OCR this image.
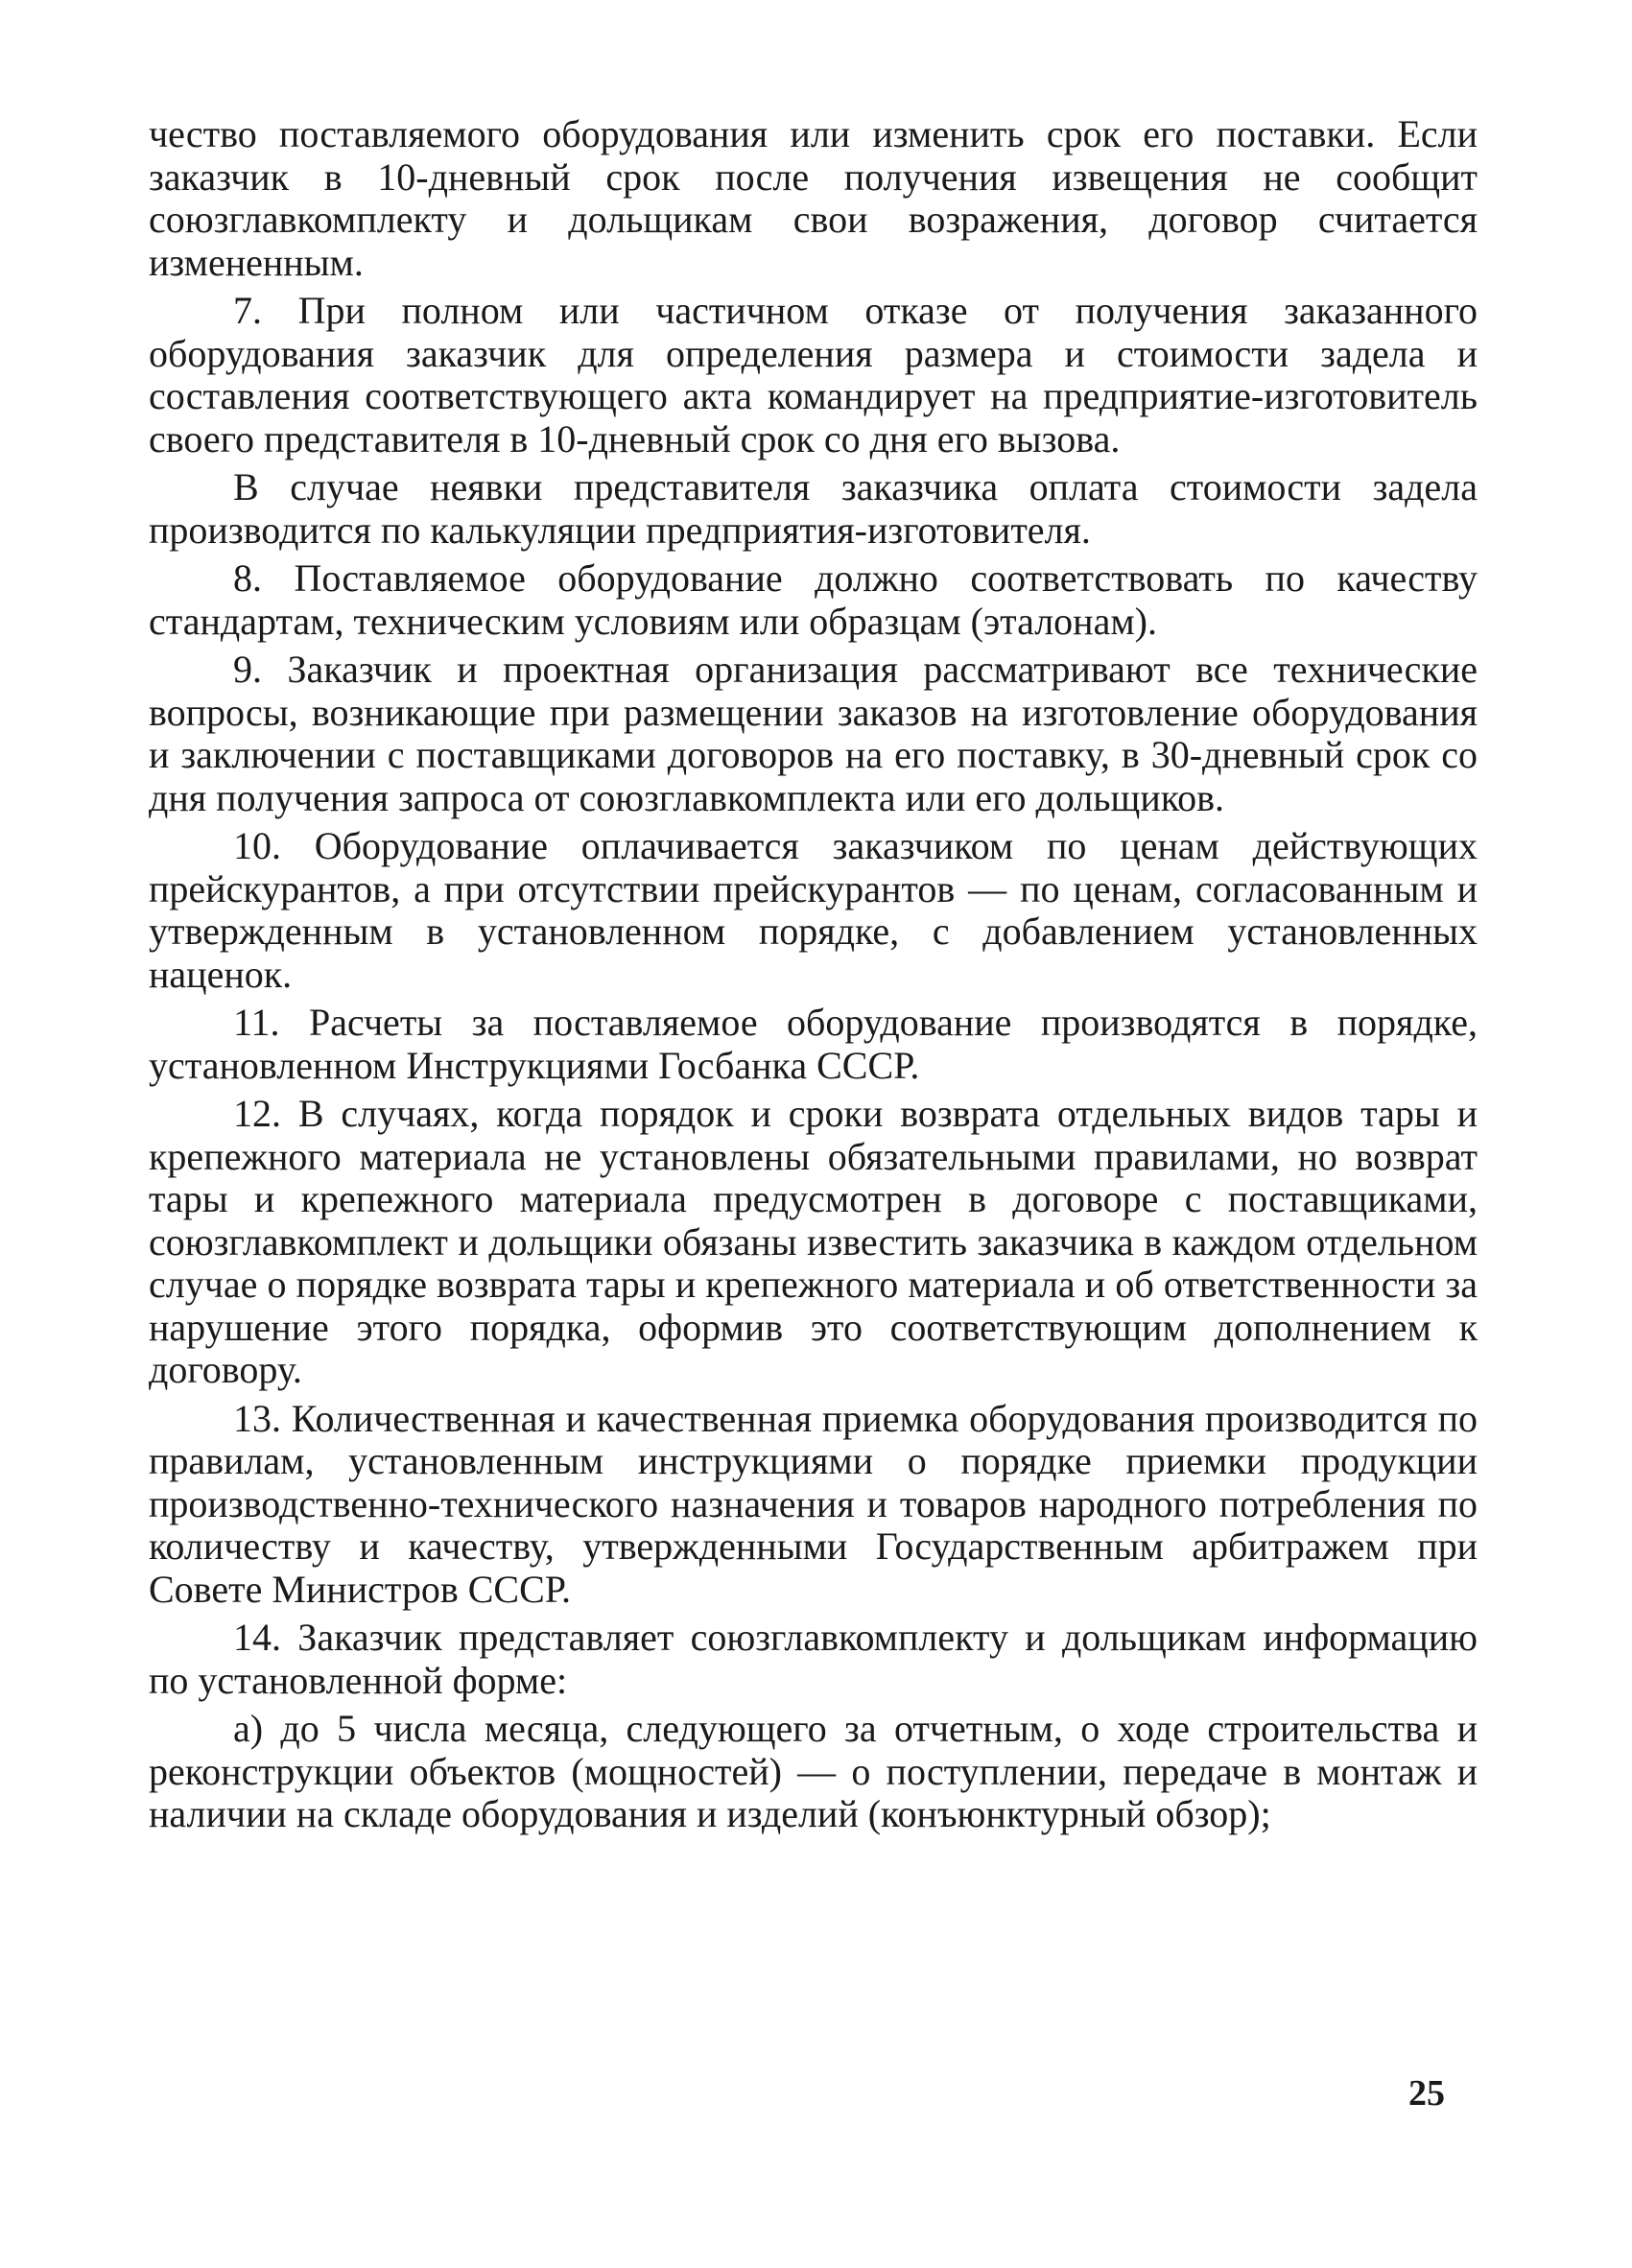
чество поставляемого оборудования или изменить срок его поставки. Если заказчик в 10-дневный срок после получения извещения не сообщит союзглавкомплекту и дольщикам свои возражения, договор считается измененным.

7. При полном или частичном отказе от получения заказанного оборудования заказчик для определения размера и стоимости задела и составления соответствующего акта командирует на предприятие-изготовитель своего представителя в 10-дневный срок со дня его вызова.

В случае неявки представителя заказчика оплата стоимости задела производится по калькуляции предприятия-изготовителя.

8. Поставляемое оборудование должно соответствовать по качеству стандартам, техническим условиям или образцам (эталонам).

9. Заказчик и проектная организация рассматривают все технические вопросы, возникающие при размещении заказов на изготовление оборудования и заключении с поставщиками договоров на его поставку, в 30-дневный срок со дня получения запроса от союзглавкомплекта или его дольщиков.

10. Оборудование оплачивается заказчиком по ценам действующих прейскурантов, а при отсутствии прейскурантов — по ценам, согласованным и утвержденным в установленном порядке, с добавлением установленных наценок.

11. Расчеты за поставляемое оборудование производятся в порядке, установленном Инструкциями Госбанка СССР.

12. В случаях, когда порядок и сроки возврата отдельных видов тары и крепежного материала не установлены обязательными правилами, но возврат тары и крепежного материала предусмотрен в договоре с поставщиками, союзглавкомплект и дольщики обязаны известить заказчика в каждом отдельном случае о порядке возврата тары и крепежного материала и об ответственности за нарушение этого порядка, оформив это соответствующим дополнением к договору.

13. Количественная и качественная приемка оборудования производится по правилам, установленным инструкциями о порядке приемки продукции производственно-технического назначения и товаров народного потребления по количеству и качеству, утвержденными Государственным арбитражем при Совете Министров СССР.

14. Заказчик представляет союзглавкомплекту и дольщикам информацию по установленной форме:

а) до 5 числа месяца, следующего за отчетным, о ходе строительства и реконструкции объектов (мощностей) — о поступлении, передаче в монтаж и наличии на складе оборудования и изделий (конъюнктурный обзор);

25
